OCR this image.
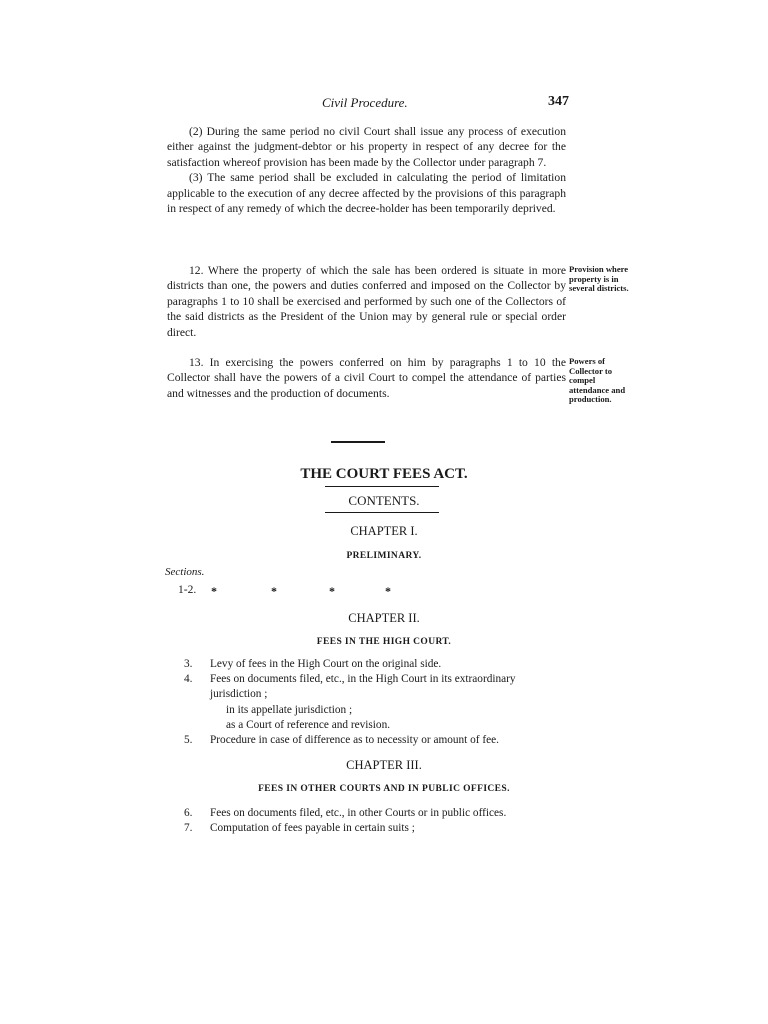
Civil Procedure.	347

(2) During the same period no civil Court shall issue any process of execution either against the judgment-debtor or his property in respect of any decree for the satisfaction whereof provision has been made by the Collector under paragraph 7.

(3) The same period shall be excluded in calculating the period of limitation applicable to the execution of any decree affected by the provisions of this paragraph in respect of any remedy of which the decree-holder has been temporarily deprived.

12. Where the property of which the sale has been ordered is situate in more districts than one, the powers and duties conferred and imposed on the Collector by paragraphs 1 to 10 shall be exercised and performed by such one of the Collectors of the said districts as the President of the Union may by general rule or special order direct.

Provision where property is in several districts.

13. In exercising the powers conferred on him by paragraphs 1 to 10 the Collector shall have the powers of a civil Court to compel the attendance of parties and witnesses and the production of documents.

Powers of Collector to compel attendance and production.
THE COURT FEES ACT.
CONTENTS.
CHAPTER I.
PRELIMINARY.
Sections.
1-2. *	*	*	*
CHAPTER II.
FEES IN THE HIGH COURT.
3.	Levy of fees in the High Court on the original side.
4.	Fees on documents filed, etc., in the High Court in its extraordinary jurisdiction ;
in its appellate jurisdiction ;
as a Court of reference and revision.
5.	Procedure in case of difference as to necessity or amount of fee.
CHAPTER III.
FEES IN OTHER COURTS AND IN PUBLIC OFFICES.
6.	Fees on documents filed, etc., in other Courts or in public offices.
7.	Computation of fees payable in certain suits ;
